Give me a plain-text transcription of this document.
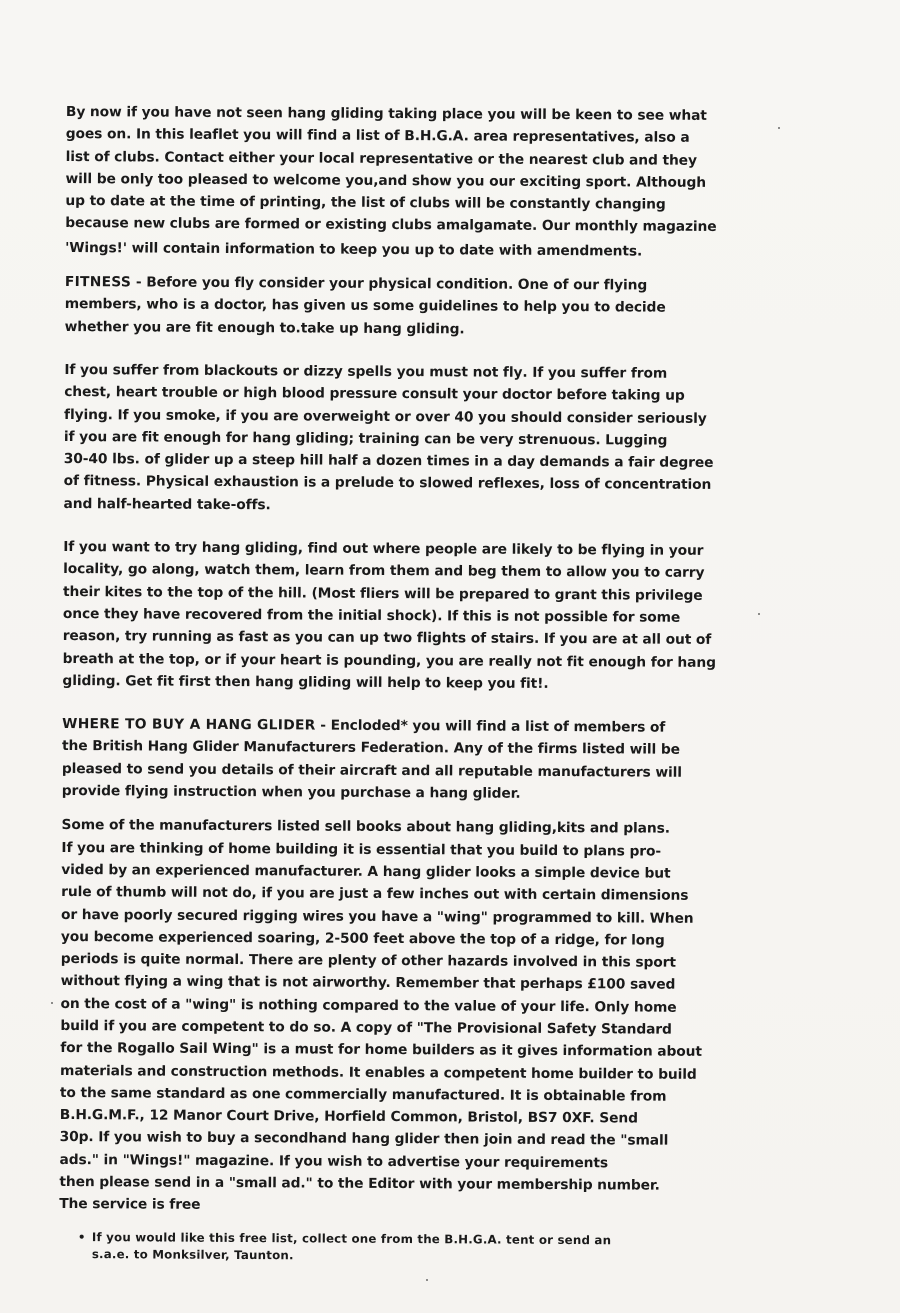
By now if you have not seen hang gliding taking place you will be keen to see what
goes on. In this leaflet you will find a list of B.H.G.A. area representatives, also a
list of clubs. Contact either your local representative or the nearest club and they
will be only too pleased to welcome you,and show you our exciting sport. Although
up to date at the time of printing, the list of clubs will be constantly changing
because new clubs are formed or existing clubs amalgamate. Our monthly magazine
'Wings!' will contain information to keep you up to date with amendments.
FITNESS - Before you fly consider your physical condition. One of our flying
members, who is a doctor, has given us some guidelines to help you to decide
whether you are fit enough to.take up hang gliding.
If you suffer from blackouts or dizzy spells you must not fly. If you suffer from
chest, heart trouble or high blood pressure consult your doctor before taking up
flying. If you smoke, if you are overweight or over 40 you should consider seriously
if you are fit enough for hang gliding; training can be very strenuous. Lugging
30-40 lbs. of glider up a steep hill half a dozen times in a day demands a fair degree
of fitness. Physical exhaustion is a prelude to slowed reflexes, loss of concentration
and half-hearted take-offs.
If you want to try hang gliding, find out where people are likely to be flying in your
locality, go along, watch them, learn from them and beg them to allow you to carry
their kites to the top of the hill. (Most fliers will be prepared to grant this privilege
once they have recovered from the initial shock). If this is not possible for some
reason, try running as fast as you can up two flights of stairs. If you are at all out of
breath at the top, or if your heart is pounding, you are really not fit enough for hang
gliding. Get fit first then hang gliding will help to keep you fit!.
WHERE TO BUY A HANG GLIDER - Encloded* you will find a list of members of
the British Hang Glider Manufacturers Federation. Any of the firms listed will be
pleased to send you details of their aircraft and all reputable manufacturers will
provide flying instruction when you purchase a hang glider.
Some of the manufacturers listed sell books about hang gliding,kits and plans.
If you are thinking of home building it is essential that you build to plans pro-
vided by an experienced manufacturer. A hang glider looks a simple device but
rule of thumb will not do, if you are just a few inches out with certain dimensions
or have poorly secured rigging wires you have a "wing" programmed to kill. When
you become experienced soaring, 2-500 feet above the top of a ridge, for long
periods is quite normal. There are plenty of other hazards involved in this sport
without flying a wing that is not airworthy. Remember that perhaps £100 saved
on the cost of a "wing" is nothing compared to the value of your life. Only home
build if you are competent to do so. A copy of "The Provisional Safety Standard
for the Rogallo Sail Wing" is a must for home builders as it gives information about
materials and construction methods. It enables a competent home builder to build
to the same standard as one commercially manufactured. It is obtainable from
B.H.G.M.F., 12 Manor Court Drive, Horfield Common, Bristol, BS7 0XF. Send
30p. If you wish to buy a secondhand hang glider then join and read the "small
ads." in "Wings!" magazine. If you wish to advertise your requirements
then please send in a "small ad." to the Editor with your membership number.
The service is free
• If you would like this free list, collect one from the B.H.G.A. tent or send an
s.a.e. to Monksilver, Taunton.
